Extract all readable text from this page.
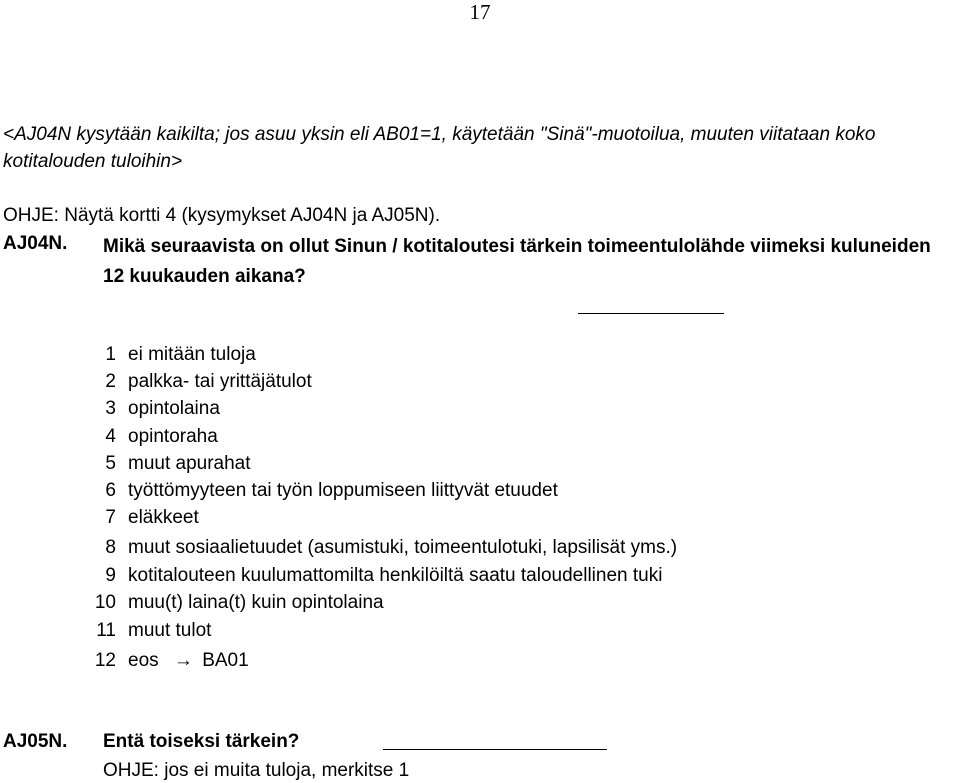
17
<AJ04N kysytään kaikilta; jos asuu yksin eli AB01=1, käytetään "Sinä"-muotoilua, muuten viitataan koko kotitalouden tuloihin>
OHJE: Näytä kortti 4 (kysymykset AJ04N ja AJ05N).
AJ04N. Mikä seuraavista on ollut Sinun / kotitaloutesi tärkein toimeentulolähde viimeksi kuluneiden 12 kuukauden aikana?
1 ei mitään tuloja
2 palkka- tai yrittäjätulot
3 opintolaina
4 opintoraha
5 muut apurahat
6 työttömyyteen tai työn loppumiseen liittyvät etuudet
7 eläkkeet
8 muut sosiaalietuudet (asumistuki, toimeentulotuki, lapsilisät yms.)
9 kotitalouteen kuulumattomilta henkilöiltä saatu taloudellinen tuki
10 muu(t) laina(t) kuin opintolaina
11 muut tulot
12 eos → BA01
AJ05N. Entä toiseksi tärkein?
OHJE: jos ei muita tuloja, merkitse 1
